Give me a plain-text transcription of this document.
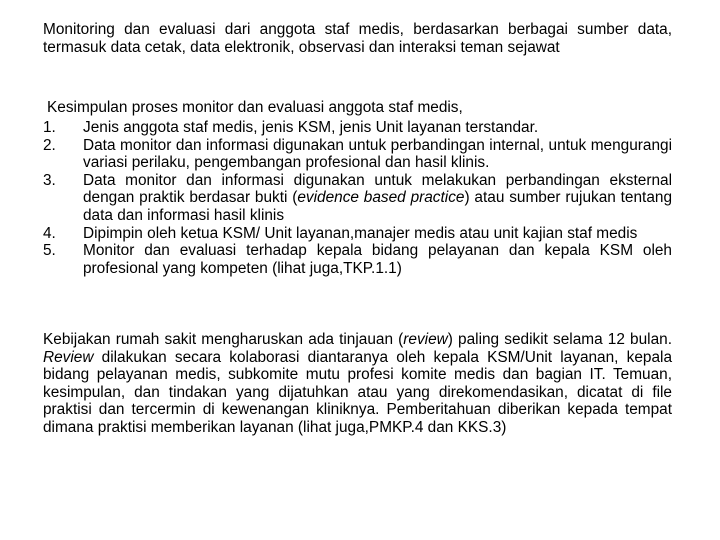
Monitoring dan evaluasi dari anggota staf medis, berdasarkan berbagai sumber data, termasuk data cetak, data elektronik, observasi dan interaksi teman sejawat

Kesimpulan proses monitor dan evaluasi anggota staf medis,

1. Jenis anggota staf medis, jenis KSM, jenis Unit layanan terstandar.
2. Data monitor dan informasi digunakan untuk perbandingan internal, untuk mengurangi variasi perilaku, pengembangan profesional dan hasil klinis.
3. Data monitor dan informasi digunakan untuk melakukan perbandingan eksternal dengan praktik berdasar bukti (evidence based practice) atau sumber rujukan tentang data dan informasi hasil klinis
4. Dipimpin oleh ketua KSM/ Unit layanan,manajer medis atau unit kajian staf medis
5. Monitor dan evaluasi terhadap kepala bidang pelayanan dan kepala KSM oleh profesional yang kompeten (lihat juga,TKP.1.1)

Kebijakan rumah sakit mengharuskan ada tinjauan (review) paling sedikit selama 12 bulan. Review dilakukan secara kolaborasi diantaranya oleh kepala KSM/Unit layanan, kepala bidang pelayanan medis, subkomite mutu profesi komite medis dan bagian IT. Temuan, kesimpulan, dan tindakan yang dijatuhkan atau yang direkomendasikan, dicatat di file praktisi dan tercermin di kewenangan kliniknya. Pemberitahuan diberikan kepada tempat dimana praktisi memberikan layanan (lihat juga,PMKP.4 dan KKS.3)
